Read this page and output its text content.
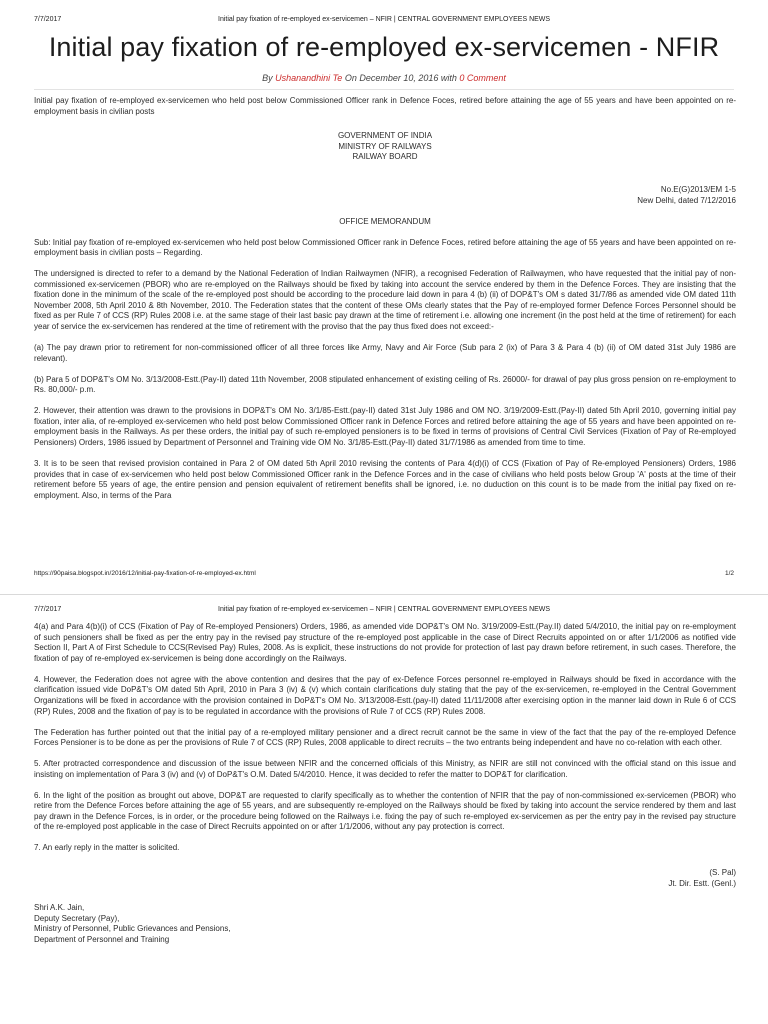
7/7/2017	Initial pay fixation of re-employed ex-servicemen – NFIR | CENTRAL GOVERNMENT EMPLOYEES NEWS
Initial pay fixation of re-employed ex-servicemen - NFIR
By Ushanandhini Te On December 10, 2016 with 0 Comment

Initial pay fixation of re-employed ex-servicemen who held post below Commissioned Officer rank in Defence Foces, retired before attaining the age of 55 years and have been appointed on re-employment basis in civilian posts

GOVERNMENT OF INDIA
MINISTRY OF RAILWAYS
RAILWAY BOARD
No.E(G)2013/EM 1-5
New Delhi, dated 7/12/2016
OFFICE MEMORANDUM

Sub: Initial pay fixation of re-employed ex-servicemen who held post below Commissioned Officer rank in Defence Foces, retired before attaining the age of 55 years and have been appointed on re-employment basis in civilian posts – Regarding.

The undersigned is directed to refer to a demand by the National Federation of Indian Railwaymen (NFIR), a recognised Federation of Railwaymen, who have requested that the initial pay of non-commissioned ex-servicemen (PBOR) who are re-employed on the Railways should be fixed by taking into account the service endered by them in the Defence Forces. They are insisting that the fixation done in the minimum of the scale of the re-employed post should be according to the procedure laid down in para 4 (b) (ii) of DOP&T's OM s dated 31/7/86 as amended vide OM dated 11th November 2008, 5th April 2010 & 8th November, 2010. The Federation states that the content of these OMs clearly states that the Pay of re-employed former Defence Forces Personnel should be fixed as per Rule 7 of CCS (RP) Rules 2008 i.e. at the same stage of their last basic pay drawn at the time of retirement i.e. allowing one increment (in the post held at the time of retirement) for each year of service the ex-servicemen has rendered at the time of retirement with the proviso that the pay thus fixed does not exceed:-

(a) The pay drawn prior to retirement for non-commissioned officer of all three forces like Army, Navy and Air Force (Sub para 2 (ix) of Para 3 & Para 4 (b) (ii) of OM dated 31st July 1986 are relevant).

(b) Para 5 of DOP&T's OM No. 3/13/2008-Estt.(Pay-II) dated 11th November, 2008 stipulated enhancement of existing ceiling of Rs. 26000/- for drawal of pay plus gross pension on re-employment to Rs. 80,000/- p.m.

2. However, their attention was drawn to the provisions in DOP&T's OM No. 3/1/85-Estt.(pay-II) dated 31st July 1986 and OM NO. 3/19/2009-Estt.(Pay-II) dated 5th April 2010, governing initial pay fixation, inter alia, of re-employed ex-servicemen who held post below Commissioned Officer rank in Defence Forces and retired before attaining the age of 55 years and have been appointed on re-employment basis in the Railways. As per these orders, the initial pay of such re-employed pensioners is to be fixed in terms of provisions of Central Civil Services (Fixation of Pay of Re-employed Pensioners) Orders, 1986 issued by Department of Personnel and Training vide OM No. 3/1/85-Estt.(Pay-II) dated 31/7/1986 as amended from time to time.

3. It is to be seen that revised provision contained in Para 2 of OM dated 5th April 2010 revising the contents of Para 4(d)(i) of CCS (Fixation of Pay of Re-employed Pensioners) Orders, 1986 provides that in case of ex-servicemen who held post below Commissioned Officer rank in the Defence Forces and in the case of civilians who held posts below Group 'A' posts at the time of their retirement before 55 years of age, the entire pension and pension equivalent of retirement benefits shall be ignored, i.e. no duduction on this count is to be made from the initial pay fixed on re-employment. Also, in terms of the Para

https://90paisa.blogspot.in/2016/12/initial-pay-fixation-of-re-employed-ex.html	1/2
7/7/2017	Initial pay fixation of re-employed ex-servicemen – NFIR | CENTRAL GOVERNMENT EMPLOYEES NEWS

4(a) and Para 4(b)(i) of CCS (Fixation of Pay of Re-employed Pensioners) Orders, 1986, as amended vide DOP&T's OM No. 3/19/2009-Estt.(Pay.II) dated 5/4/2010, the initial pay on re-employment of such pensioners shall be fixed as per the entry pay in the revised pay structure of the re-employed post applicable in the case of Direct Recruits appointed on or after 1/1/2006 as notified vide Section II, Part A of First Schedule to CCS(Revised Pay) Rules, 2008. As is explicit, these instructions do not provide for protection of last pay drawn before retirement, in such cases. Therefore, the fixation of pay of re-employed ex-servicemen is being done accordingly on the Railways.

4. However, the Federation does not agree with the above contention and desires that the pay of ex-Defence Forces personnel re-employed in Railways should be fixed in accordance with the clarification issued vide DoP&T's OM dated 5th April, 2010 in Para 3 (iv) & (v) which contain clarifications duly stating that the pay of the ex-servicemen, re-employed in the Central Government Organizations will be fixed in accordance with the provision contained in DoP&T's OM No. 3/13/2008-Estt.(pay-II) dated 11/11/2008 after exercising option in the manner laid down in Rule 6 of CCS (RP) Rules, 2008 and the fixation of pay is to be regulated in accordance with the provisions of Rule 7 of CCS (RP) Rules 2008.

The Federation has further pointed out that the initial pay of a re-employed military pensioner and a direct recruit cannot be the same in view of the fact that the pay of the re-employed Defence Forces Pensioner is to be done as per the provisions of Rule 7 of CCS (RP) Rules, 2008 applicable to direct recruits – the two entrants being independent and have no co-relation with each other.

5. After protracted correspondence and discussion of the issue between NFIR and the concerned officials of this Ministry, as NFIR are still not convinced with the official stand on this issue and insisting on implementation of Para 3 (iv) and (v) of DoP&T's O.M. Dated 5/4/2010. Hence, it was decided to refer the matter to DOP&T for clarification.

6. In the light of the position as brought out above, DOP&T are requested to clarify specifically as to whether the contention of NFIR that the pay of non-commissioned ex-servicemen (PBOR) who retire from the Defence Forces before attaining the age of 55 years, and are subsequently re-employed on the Railways should be fixed by taking into account the service rendered by them and last pay drawn in the Defence Forces, is in order, or the procedure being followed on the Railways i.e. fixing the pay of such re-employed ex-servicemen as per the entry pay in the revised pay structure of the re-employed post applicable in the case of Direct Recruits appointed on or after 1/1/2006, without any pay protection is correct.

7. An early reply in the matter is solicited.

(S. Pal)
Jt. Dir. Estt. (Genl.)
Shri A.K. Jain,
Deputy Secretary (Pay),
Ministry of Personnel, Public Grievances and Pensions,
Department of Personnel and Training
